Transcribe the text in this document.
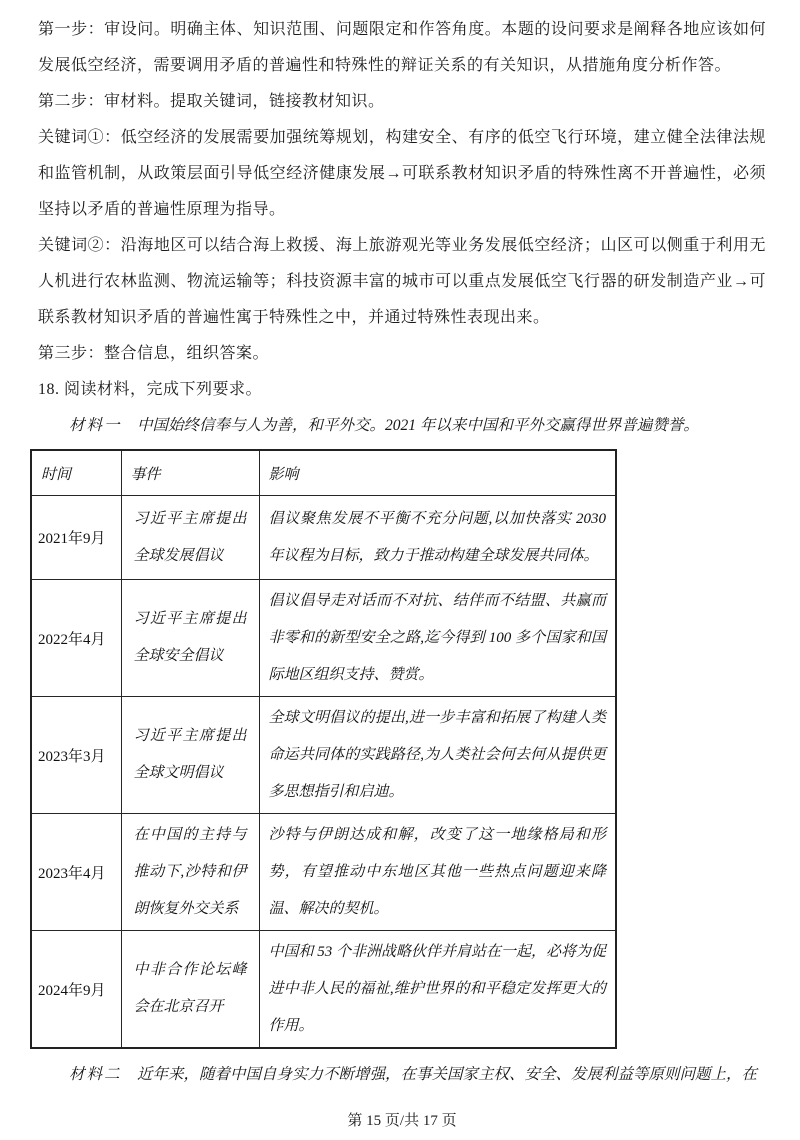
第一步：审设问。明确主体、知识范围、问题限定和作答角度。本题的设问要求是阐释各地应该如何发展低空经济，需要调用矛盾的普遍性和特殊性的辩证关系的有关知识，从措施角度分析作答。

第二步：审材料。提取关键词，链接教材知识。

关键词①：低空经济的发展需要加强统筹规划，构建安全、有序的低空飞行环境，建立健全法律法规和监管机制，从政策层面引导低空经济健康发展→可联系教材知识矛盾的特殊性离不开普遍性，必须坚持以矛盾的普遍性原理为指导。

关键词②：沿海地区可以结合海上救援、海上旅游观光等业务发展低空经济；山区可以侧重于利用无人机进行农林监测、物流运输等；科技资源丰富的城市可以重点发展低空飞行器的研发制造产业→可联系教材知识矛盾的普遍性寓于特殊性之中，并通过特殊性表现出来。

第三步：整合信息，组织答案。

18. 阅读材料，完成下列要求。

材料一 中国始终信奉与人为善，和平外交。2021 年以来中国和平外交赢得世界普遍赞誉。

时间	事件	影响
2021年9月	习近平主席提出全球发展倡议	倡议聚焦发展不平衡不充分问题,以加快落实 2030 年议程为目标，致力于推动构建全球发展共同体。
2022年4月	习近平主席提出全球安全倡议	倡议倡导走对话而不对抗、结伴而不结盟、共赢而非零和的新型安全之路,迄今得到 100 多个国家和国际地区组织支持、赞赏。
2023年3月	习近平主席提出全球文明倡议	全球文明倡议的提出,进一步丰富和拓展了构建人类命运共同体的实践路径,为人类社会何去何从提供更多思想指引和启迪。
2023年4月	在中国的主持与推动下,沙特和伊朗恢复外交关系	沙特与伊朗达成和解，改变了这一地缘格局和形势，有望推动中东地区其他一些热点问题迎来降温、解决的契机。
2024年9月	中非合作论坛峰会在北京召开	中国和 53 个非洲战略伙伴并肩站在一起，必将为促进中非人民的福祉,维护世界的和平稳定发挥更大的作用。

材料二 近年来，随着中国自身实力不断增强，在事关国家主权、安全、发展利益等原则问题上，在

第 15 页/共 17 页
